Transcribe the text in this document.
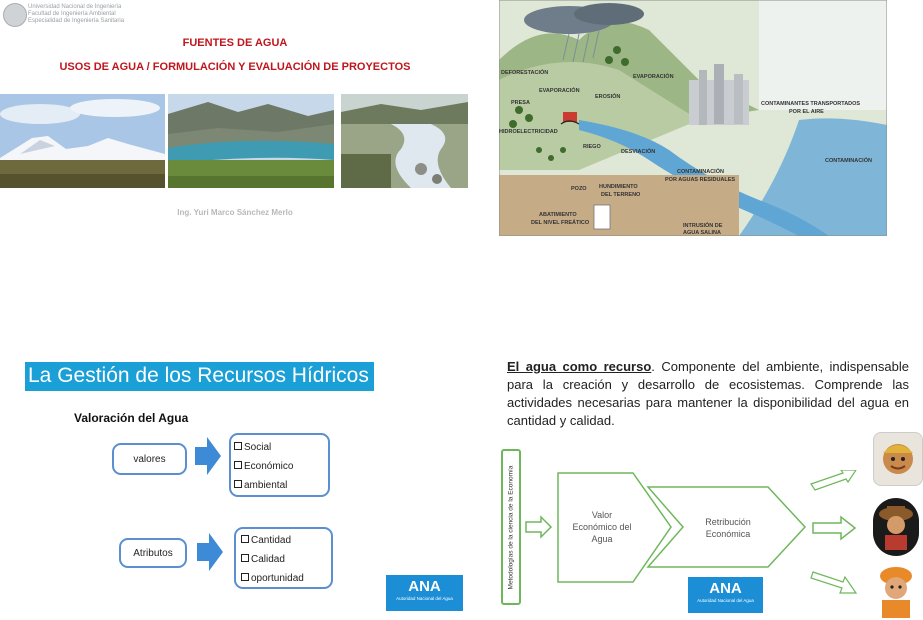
Universidad Nacional de Ingeniería
Facultad de Ingeniería Ambiental
Especialidad de Ingeniería Sanitaria
FUENTES DE AGUA
USOS DE AGUA / FORMULACIÓN Y EVALUACIÓN DE PROYECTOS
Ing. Yuri Marco Sánchez Merlo
DEFORESTACIÓN
EVAPORACIÓN
EVAPORACIÓN
EROSIÓN
PRESA
HIDROELECTRICIDAD
RIEGO
DESVIACIÓN
CONTAMINANTES TRANSPORTADOS
POR EL AIRE
CONTAMINACIÓN
CONTAMINACIÓN
POR AGUAS RESIDUALES
POZO HUNDIMIENTO
DEL TERRENO
ABATIMIENTO
DEL NIVEL FREÁTICO	INTRUSIÓN DE
AGUA SALINA
La Gestión de los Recursos Hídricos
Valoración del Agua
valores
Social
Económico
ambiental
Atributos
Cantidad
Calidad
oportunidad	ANA
Autoridad Nacional del Agua
El agua como recurso. Componente del ambiente, indispensable para la creación y desarrollo de ecosistemas. Comprende las actividades necesarias para mantener la disponibilidad del agua en cantidad y calidad.
Metodologías de la ciencia de la Economía	Valor
Económico del
Agua
Retribución
Económica
ANA
Autoridad Nacional del Agua
